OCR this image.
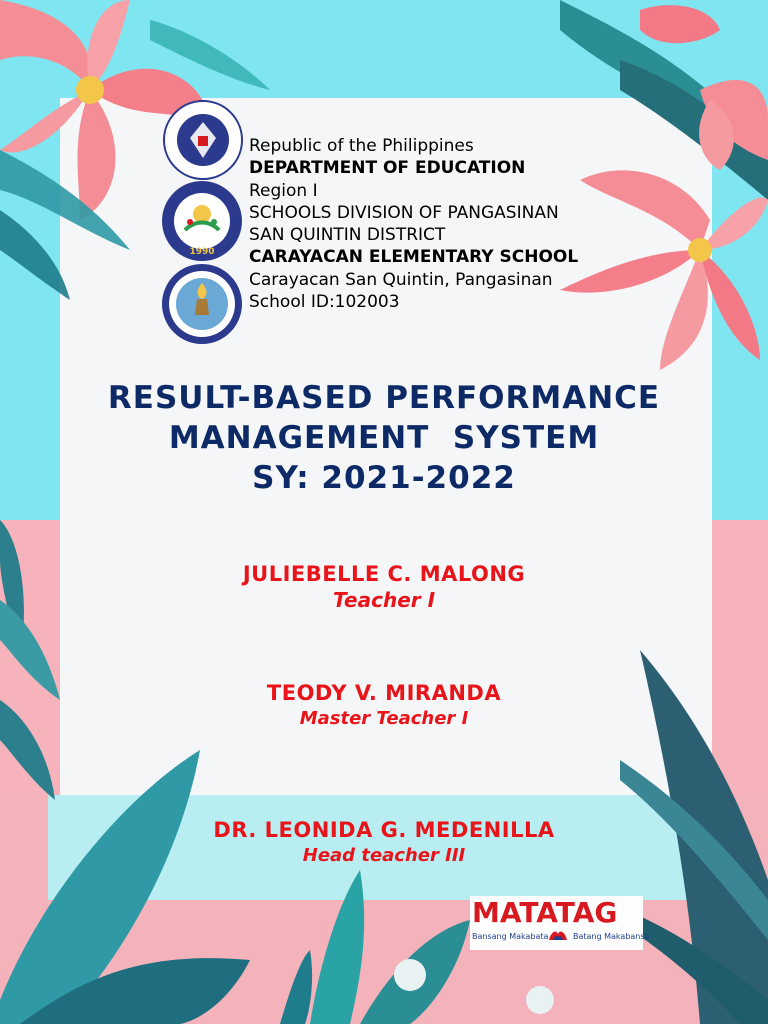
1990
Republic of the Philippines
DEPARTMENT OF EDUCATION
Region I
SCHOOLS DIVISION OF PANGASINAN
SAN QUINTIN DISTRICT
CARAYACAN ELEMENTARY SCHOOL
Carayacan San Quintin, Pangasinan
School ID:102003
RESULT-BASED PERFORMANCE
MANAGEMENT  SYSTEM
SY: 2021-2022
JULIEBELLE C. MALONG
Teacher I
TEODY V. MIRANDA
Master Teacher I
DR. LEONIDA G. MEDENILLA
Head teacher III
MATATAG
Bansang Makabata	Batang Makabansa
